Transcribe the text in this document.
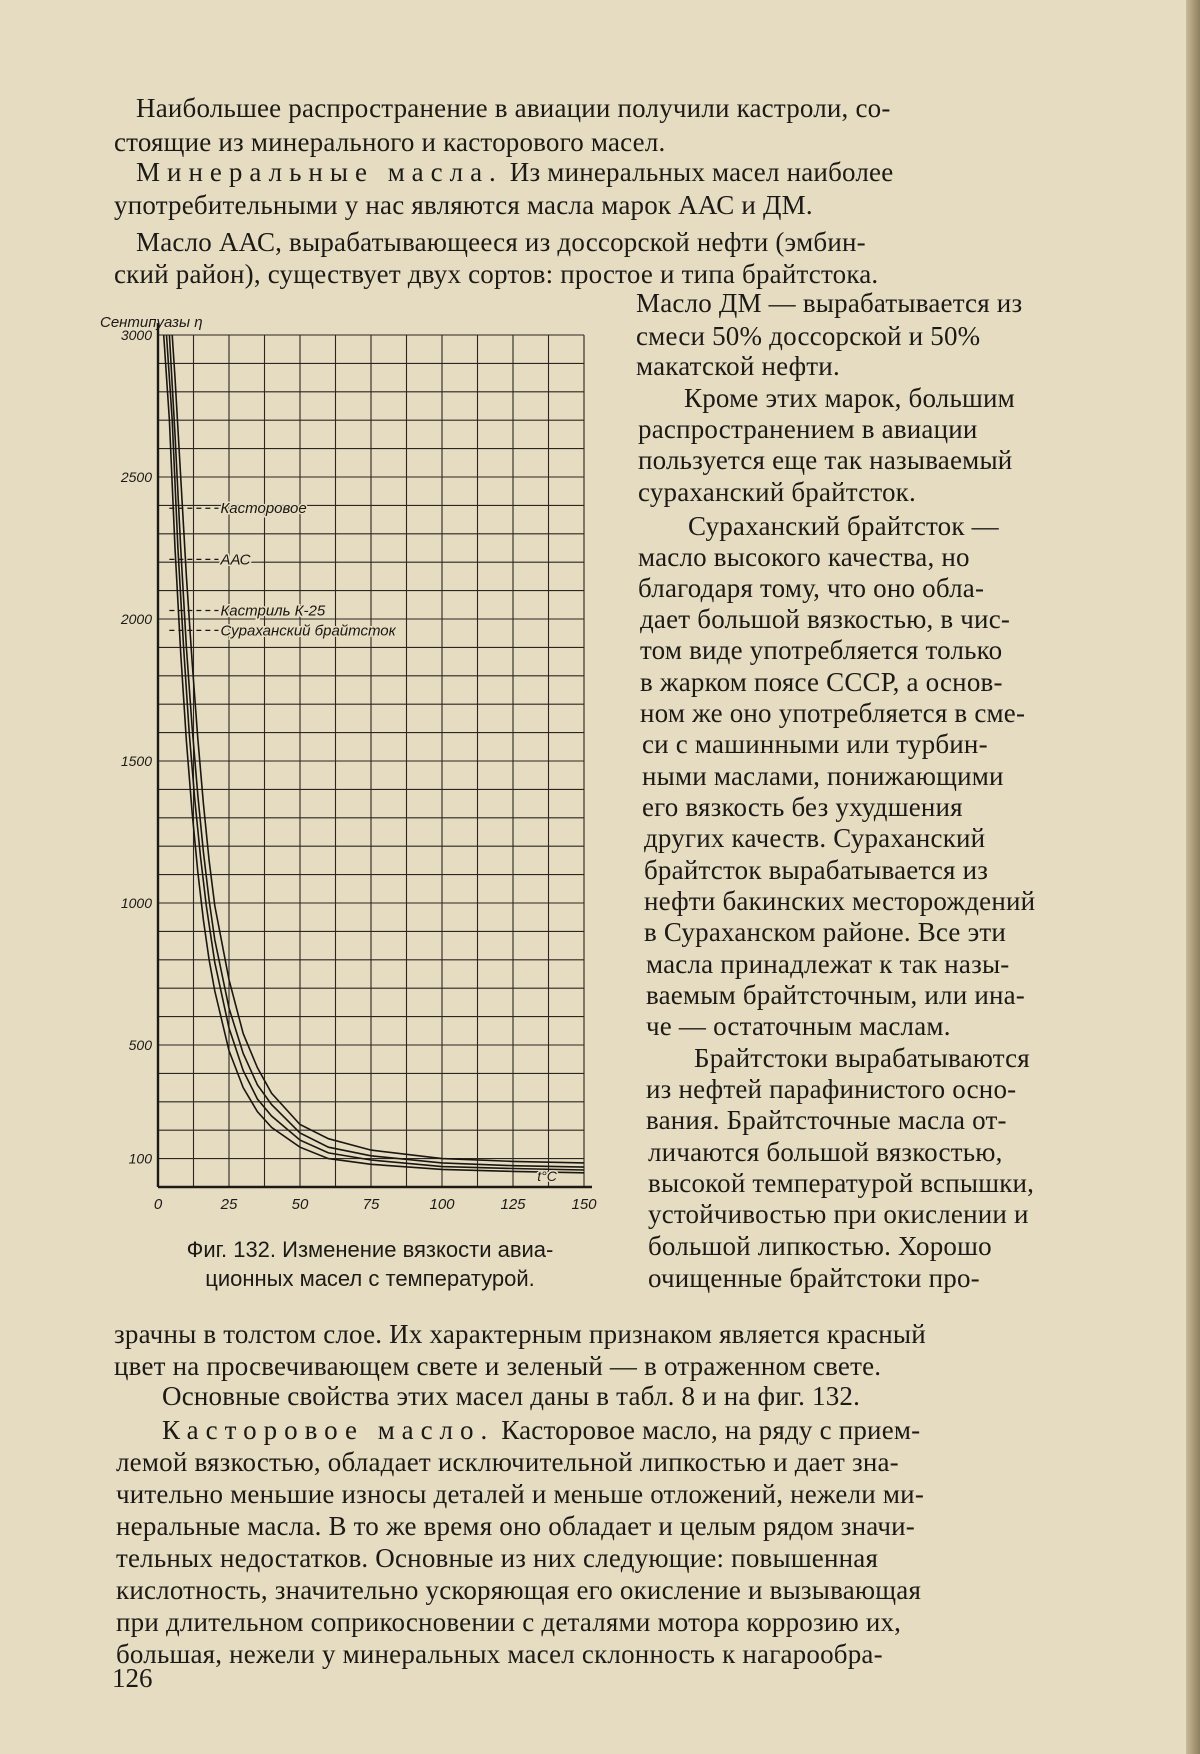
Наибольшее распространение в авиации получили кастроли, со-
стоящие из минерального и касторового масел.
Минеральные масла. Из минеральных масел наиболее
употребительными у нас являются масла марок ААС и ДМ.
Масло ААС, вырабатывающееся из доссорской нефти (эмбин-
ский район), существует двух сортов: простое и типа брайтстока.
Масло ДМ — вырабатывается из
смеси 50% доссорской и 50%
макатской нефти.
Кроме этих марок, большим
распространением в авиации
пользуется еще так называемый
сураханский брайтсток.
Сураханский брайтсток —
масло высокого качества, но
благодаря тому, что оно обла-
дает большой вязкостью, в чис-
том виде употребляется только
в жарком поясе СССР, а основ-
ном же оно употребляется в сме-
си с машинными или турбин-
ными маслами, понижающими
его вязкость без ухудшения
других качеств. Сураханский
брайтсток вырабатывается из
нефти бакинских месторождений
в Сураханском районе. Все эти
масла принадлежат к так назы-
ваемым брайтсточным, или ина-
че — остаточным маслам.
Брайтстоки вырабатываются
из нефтей парафинистого осно-
вания. Брайтсточные масла от-
личаются большой вязкостью,
высокой температурой вспышки,
устойчивостью при окислении и
большой липкостью. Хорошо
очищенные брайтстоки про-
Сентипуазы η
100
500
1000
1500
2000
2500
3000
0	25	50	75	100	125	150
t°C
Касторовое
ААС
Кастриль К-25
Сураханский брайтсток
Фиг. 132. Изменение вязкости авиа-
ционных масел с температурой.
зрачны в толстом слое. Их характерным признаком является красный
цвет на просвечивающем свете и зеленый — в отраженном свете.
Основные свойства этих масел даны в табл. 8 и на фиг. 132.
Касторовое масло. Касторовое масло, на ряду с прием-
лемой вязкостью, обладает исключительной липкостью и дает зна-
чительно меньшие износы деталей и меньше отложений, нежели ми-
неральные масла. В то же время оно обладает и целым рядом значи-
тельных недостатков. Основные из них следующие: повышенная
кислотность, значительно ускоряющая его окисление и вызывающая
при длительном соприкосновении с деталями мотора коррозию их,
большая, нежели у минеральных масел склонность к нагарообра-
126
